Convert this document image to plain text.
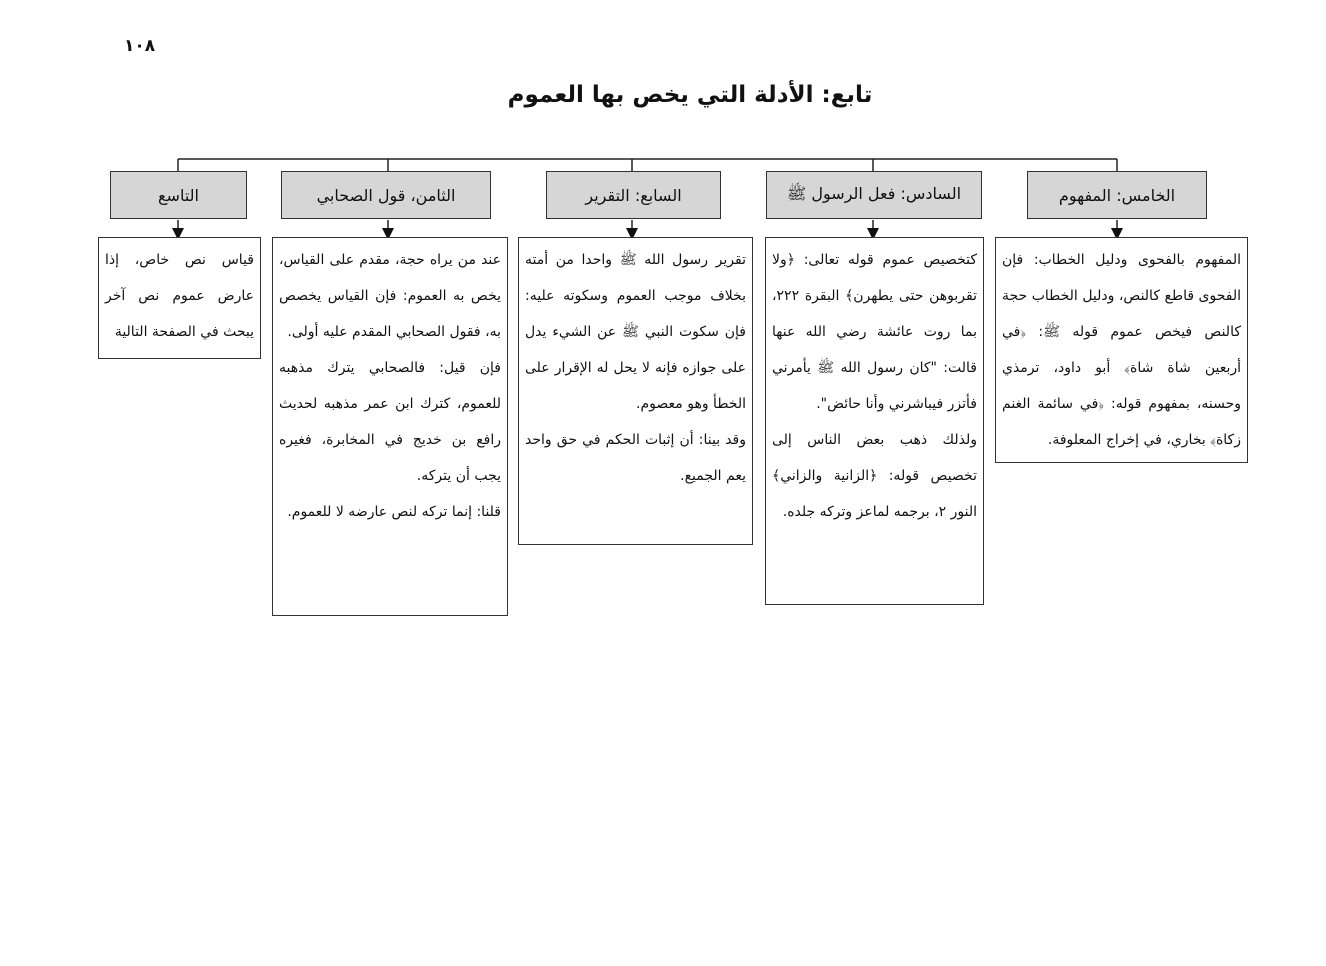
١٠٨
تابع: الأدلة التي يخص بها العموم
الخامس: المفهوم

المفهوم بالفحوى ودليل الخطاب: فإن الفحوى قاطع كالنص، ودليل الخطاب حجة كالنص فيخص عموم قوله ﷺ: ﴿في أربعين شاة شاة﴾ أبو داود، ترمذي وحسنه، بمفهوم قوله: ﴿في سائمة الغنم زكاة﴾ بخاري، في إخراج المعلوفة.

السادس: فعل الرسول ﷺ

كتخصيص عموم قوله تعالى: ﴿ولا تقربوهن حتى يطهرن﴾ البقرة ٢٢٢، بما روت عائشة رضي الله عنها قالت: "كان رسول الله ﷺ يأمرني فأتزر فيباشرني وأنا حائض".

ولذلك ذهب بعض الناس إلى تخصيص قوله: ﴿الزانية والزاني﴾ النور ٢، برجمه لماعز وتركه جلده.

السابع: التقرير

تقرير رسول الله ﷺ واحدا من أمته بخلاف موجب العموم وسكوته عليه: فإن سكوت النبي ﷺ عن الشيء يدل على جوازه فإنه لا يحل له الإقرار على الخطأ وهو معصوم.

وقد بينا: أن إثبات الحكم في حق واحد يعم الجميع.

الثامن، قول الصحابي

عند من يراه حجة، مقدم على القياس، يخص به العموم: فإن القياس يخصص به، فقول الصحابي المقدم عليه أولى.

فإن قيل: فالصحابي يترك مذهبه للعموم، كترك ابن عمر مذهبه لحديث رافع بن خديج في المخابرة، فغيره يجب أن يتركه.

قلنا: إنما تركه لنص عارضه لا للعموم.

التاسع

قياس نص خاص، إذا عارض عموم نص آخر يبحث في الصفحة التالية
